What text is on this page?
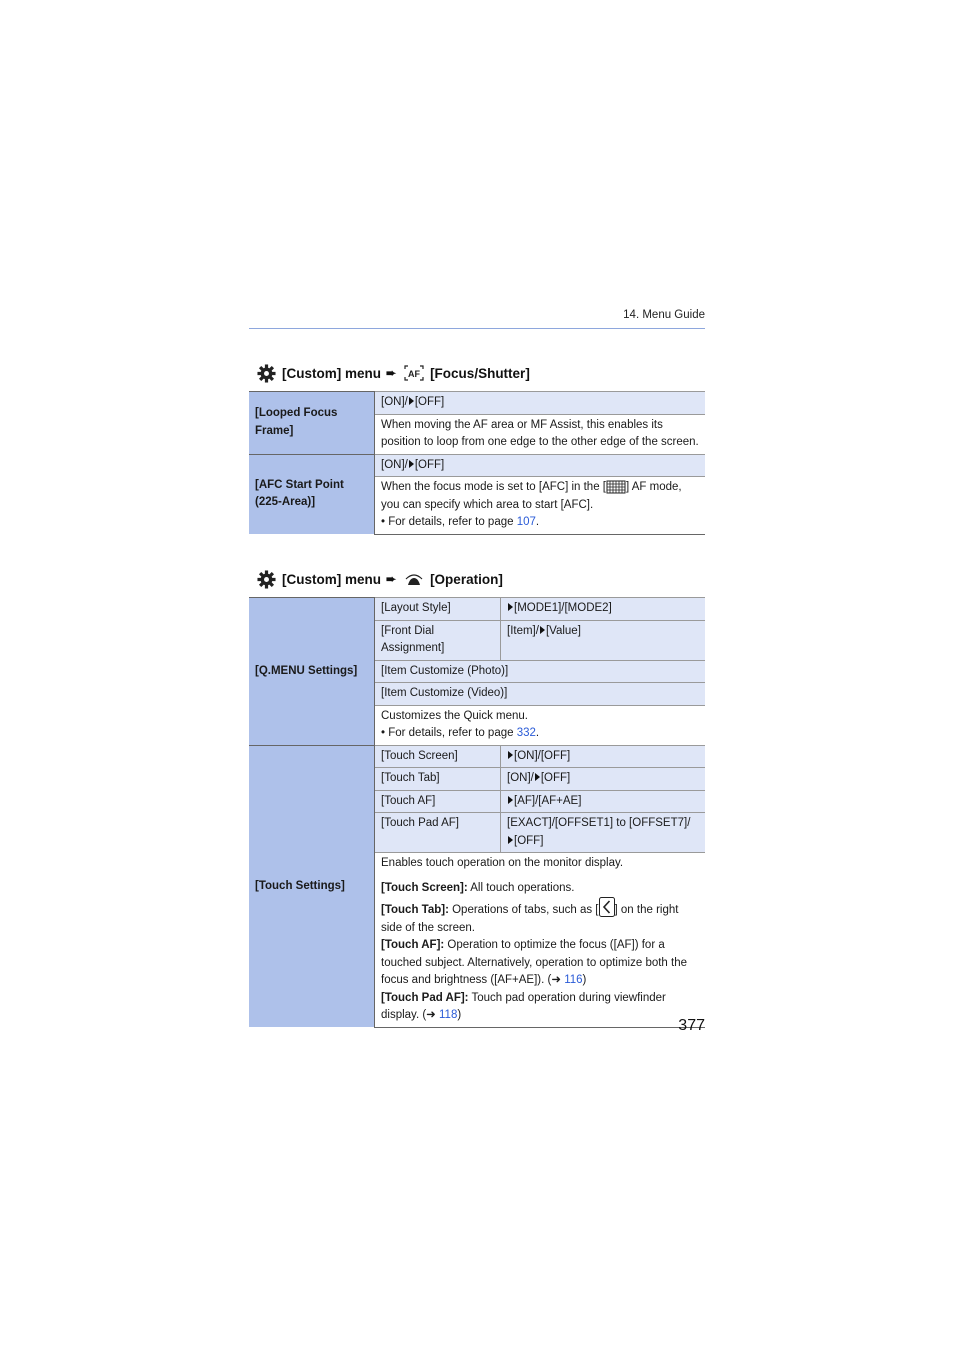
14. Menu Guide
[Custom] menu ➨ AF [Focus/Shutter]
[Looped Focus Frame]	[ON]/ [OFF]
	When moving the AF area or MF Assist, this enables its position to loop from one edge to the other edge of the screen.
[AFC Start Point (225-Area)]	[ON]/ [OFF]
	When the focus mode is set to [AFC] in the [ ] AF mode, you can specify which area to start [AFC].
• For details, refer to page 107.
[Custom] menu ➨	[Operation]
[Q.MENU Settings]	[Layout Style]	[MODE1]/[MODE2]
	[Front Dial Assignment]	[Item]/ [Value]
	[Item Customize (Photo)]	
	[Item Customize (Video)]	
	Customizes the Quick menu.
• For details, refer to page 332.	
[Touch Settings]	[Touch Screen]	[ON]/[OFF]
	[Touch Tab]	[ON]/ [OFF]
	[Touch AF]	[AF]/[AF+AE]
	[Touch Pad AF]	[EXACT]/[OFFSET1] to [OFFSET7]/
[OFF]
	Enables touch operation on the monitor display.	

	[Touch Screen]: All touch operations.
[Touch Tab]: Operations of tabs, such as [ ] on the right side of the screen.
[Touch AF]: Operation to optimize the focus ([AF]) for a touched subject. Alternatively, operation to optimize both the focus and brightness ([AF+AE]). (➜ 116)
[Touch Pad AF]: Touch pad operation during viewfinder display. (➜ 118)	
377
